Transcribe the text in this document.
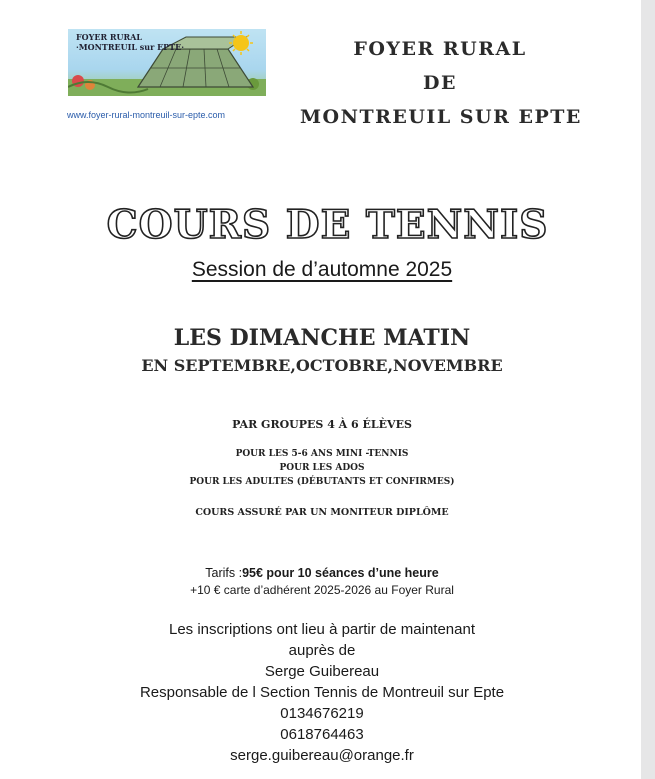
FOYER RURAL
·MONTREUIL sur EPTE·
www.foyer-rural-montreuil-sur-epte.com
FOYER RURAL
DE
MONTREUIL SUR EPTE
COURS DE TENNIS
Session de d’automne 2025
LES DIMANCHE MATIN
EN SEPTEMBRE,OCTOBRE,NOVEMBRE
PAR GROUPES 4 À 6 ÉLÈVES
POUR LES 5-6 ANS MINI -TENNIS
POUR LES ADOS
POUR LES ADULTES (DÉBUTANTS ET CONFIRMES)
COURS ASSURÉ PAR UN MONITEUR DIPLÔME
Tarifs :95€ pour 10 séances d’une heure
+10 € carte d’adhérent 2025-2026 au Foyer Rural
Les inscriptions ont lieu à partir de maintenant
auprès de
Serge Guibereau
Responsable de l Section Tennis de Montreuil sur Epte
0134676219
0618764463
serge.guibereau@orange.fr
